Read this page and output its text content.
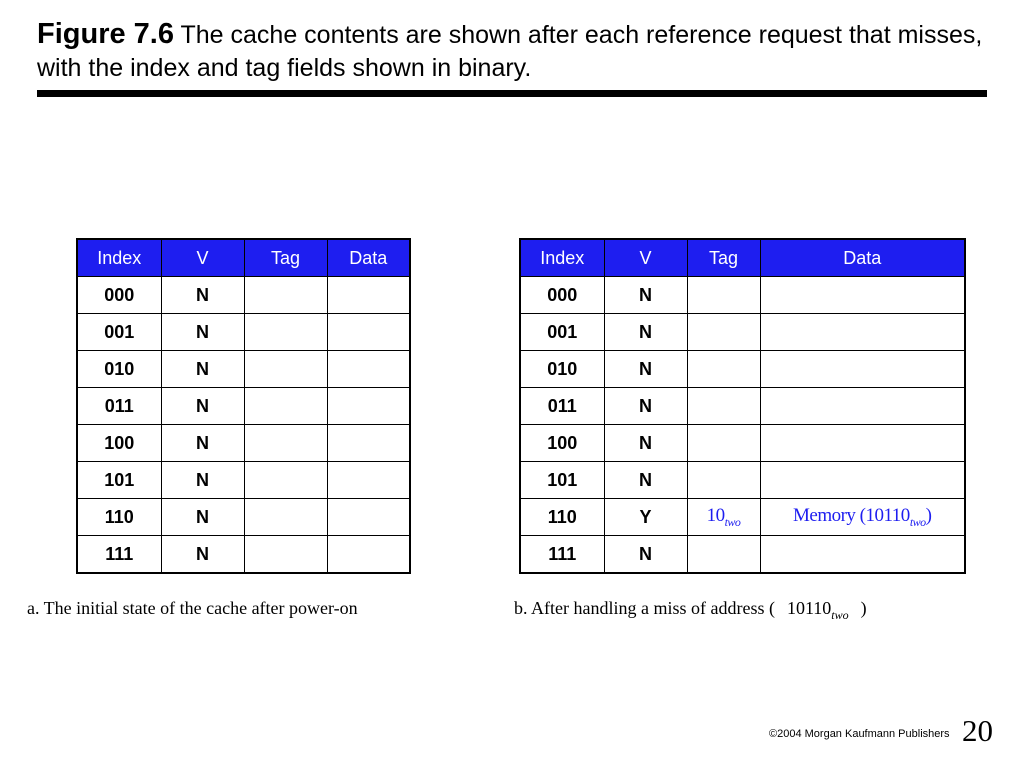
Figure 7.6 The cache contents are shown after each reference request that misses, with the index and tag fields shown in binary.
Index	V	Tag	Data
000	N		
001	N		
010	N		
011	N		
100	N		
101	N		
110	N		
111	N		
Index	V	Tag	Data
000	N		
001	N		
010	N		
011	N		
100	N		
101	N		
110	Y	$10_{two}$	Memory $(10110_{two})$
111	N		
a. The initial state of the cache after power-on	b. After handling a miss of address ( $10110_{two}$ )
©2004 Morgan Kaufmann Publishers 20
